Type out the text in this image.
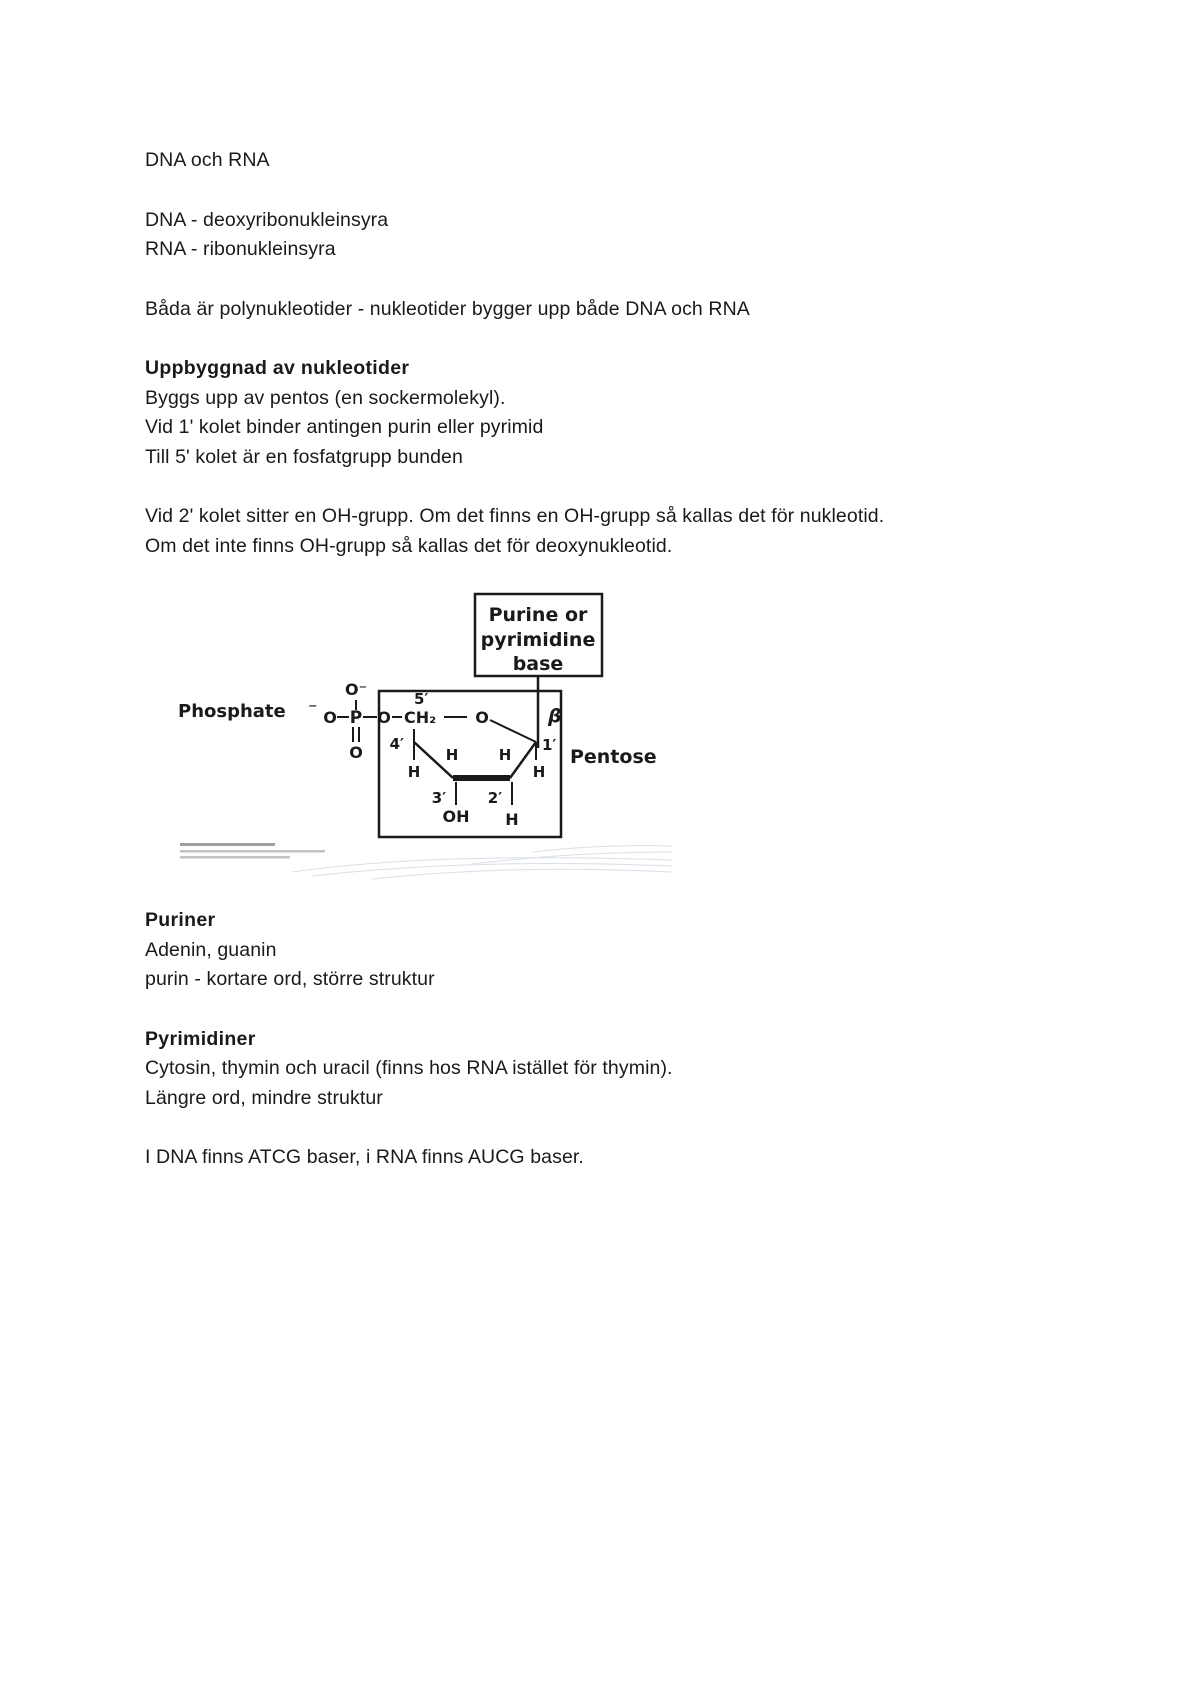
DNA och RNA

DNA - deoxyribonukleinsyra

RNA - ribonukleinsyra

Båda är polynukleotider - nukleotider bygger upp både DNA och RNA

Uppbyggnad av nukleotider

Byggs upp av pentos (en sockermolekyl).

Vid 1' kolet binder antingen purin eller pyrimid

Till 5' kolet är en fosfatgrupp bunden

Vid 2' kolet sitter en OH-grupp. Om det finns en OH-grupp så kallas det för nukleotid.

Om det inte finns OH-grupp så kallas det för deoxynukleotid.

Purine or
pyrimidine
base
Pentose
Phosphate ⁻
O⁻
O P
O
O CH₂
5′
O
4′	1′
β
H	H
H	H
3′	2′
OH H

Puriner

Adenin, guanin

purin - kortare ord, större struktur

Pyrimidiner

Cytosin, thymin och uracil (finns hos RNA istället för thymin).

Längre ord, mindre struktur

I DNA finns ATCG baser, i RNA finns AUCG baser.
